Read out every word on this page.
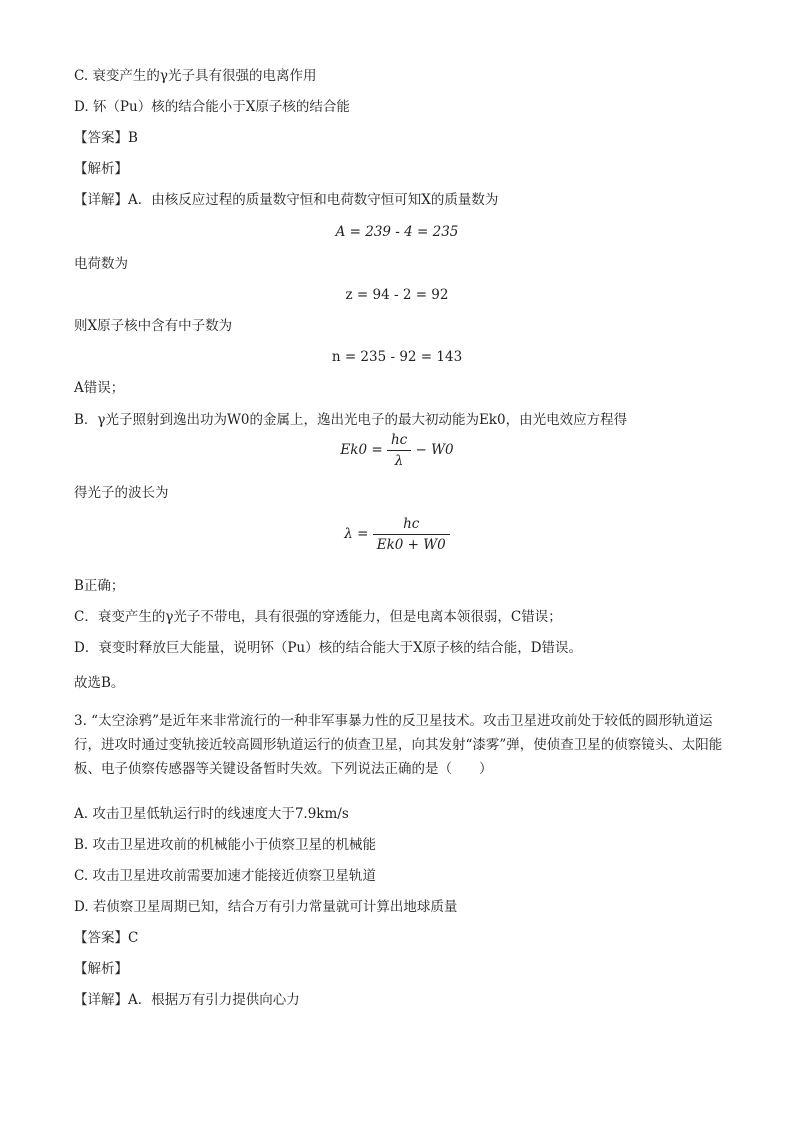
C. 衰变产生的γ光子具有很强的电离作用
D. 钚（Pu）核的结合能小于X原子核的结合能
【答案】B
【解析】
【详解】A．由核反应过程的质量数守恒和电荷数守恒可知X的质量数为
A = 239 - 4 = 235
电荷数为
z = 94 - 2 = 92
则X原子核中含有中子数为
n = 235 - 92 = 143
A错误；
B．γ光子照射到逸出功为W0的金属上，逸出光电子的最大初动能为Ek0，由光电效应方程得
$Ek0 = \frac{hc}{\lambda} - W0$
得光子的波长为
$\lambda = \frac{hc}{Ek0 + W0}$
B正确；
C．衰变产生的γ光子不带电，具有很强的穿透能力，但是电离本领很弱，C错误；
D．衰变时释放巨大能量，说明钚（Pu）核的结合能大于X原子核的结合能，D错误。
故选B。
3. “太空涂鸦”是近年来非常流行的一种非军事暴力性的反卫星技术。攻击卫星进攻前处于较低的圆形轨道运行，进攻时通过变轨接近较高圆形轨道运行的侦查卫星，向其发射“漆雾”弹，使侦查卫星的侦察镜头、太阳能板、电子侦察传感器等关键设备暂时失效。下列说法正确的是（　　）
A. 攻击卫星低轨运行时的线速度大于7.9km/s
B. 攻击卫星进攻前的机械能小于侦察卫星的机械能
C. 攻击卫星进攻前需要加速才能接近侦察卫星轨道
D. 若侦察卫星周期已知，结合万有引力常量就可计算出地球质量
【答案】C
【解析】
【详解】A．根据万有引力提供向心力
